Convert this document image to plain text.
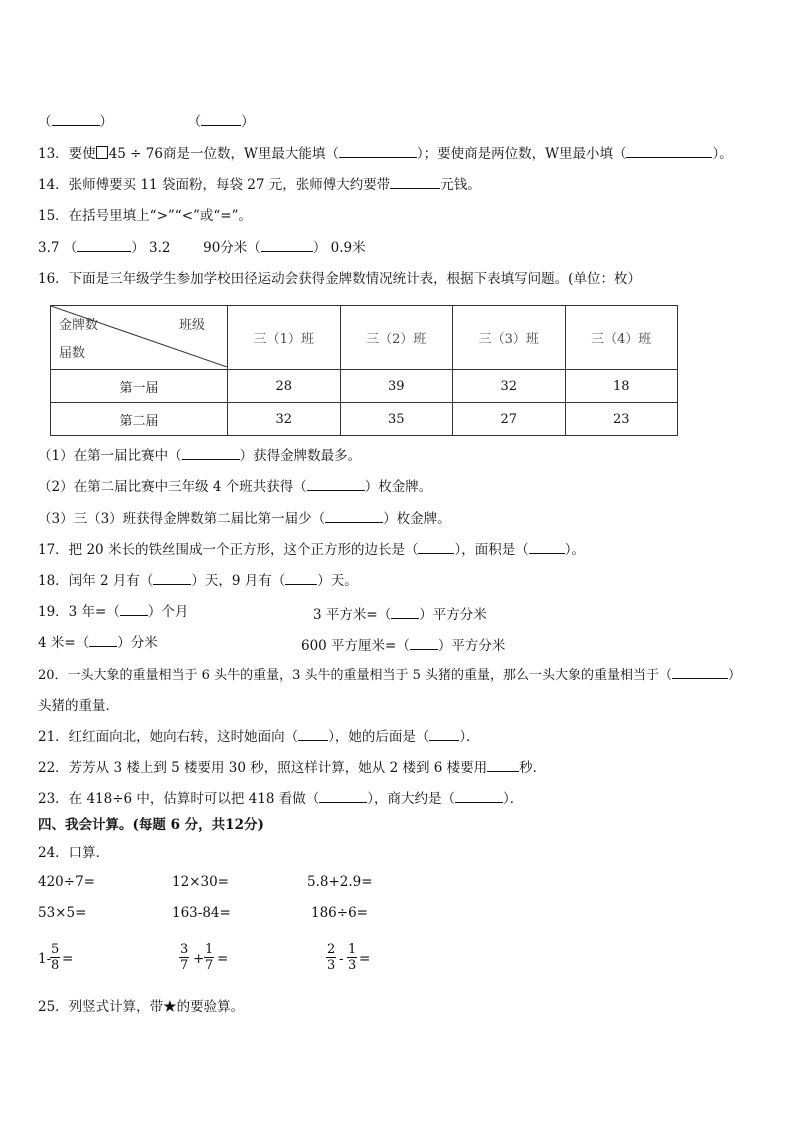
（	）	（	）
13．要使 45 ÷ 76商是一位数，W里最大能填（	）；要使商是两位数，W里最小填（	）。
14．张师傅要买 11 袋面粉，每袋 27 元，张师傅大约要带	元钱。
15．在括号里填上“>”“<”或“=”。
3.7 （	） 3.2 90分米（	） 0.9米
16．下面是三年级学生参加学校田径运动会获得金牌数情况统计表，根据下表填写问题。(单位：枚）
金牌数 班级
届数	三（1）班	三（2）班	三（3）班	三（4）班
第一届	28	39	32	18
第二届	32	35	27	23
（1）在第一届比赛中（	）获得金牌数最多。
（2）在第二届比赛中三年级 4 个班共获得（	）枚金牌。
（3）三（3）班获得金牌数第二届比第一届少（	）枚金牌。
17．把 20 米长的铁丝围成一个正方形，这个正方形的边长是（	），面积是（	）。
18．闰年 2 月有（	）天，9 月有（ ）天。
19．3 年=（ ）个月	3 平方米=（ ）平方分米
4 米=（ ）分米	600 平方厘米=（ ）平方分米
20．一头大象的重量相当于 6 头牛的重量，3 头牛的重量相当于 5 头猪的重量，那么一头大象的重量相当于（	）
头猪的重量．
21．红红面向北，她向右转，这时她面向（ ），她的后面是（ ）．
22．芳芳从 3 楼上到 5 楼要用 30 秒，照这样计算，她从 2 楼到 6 楼要用 秒．
23．在 418÷6 中，估算时可以把 418 看做（	），商大约是（	）．
四、我会计算。(每题 6 分，共12分)
24．口算．
420÷7=	12×30=	5.8+2.9=
53×5=	163-84=	186÷6=
1-
$\frac{5}{8}$ =	$\frac{3}{7} + \frac{1}{7}$ =	$\frac{2}{3} - \frac{1}{3}$ =
25．列竖式计算，带★的要验算。
